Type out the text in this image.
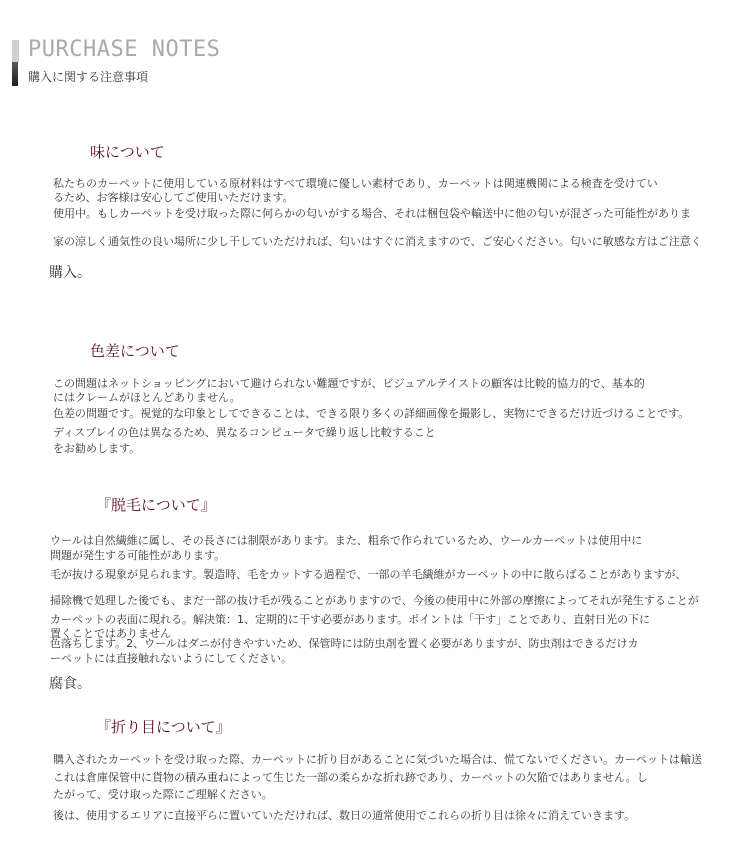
PURCHASE NOTES
購入に関する注意事項
味について
私たちのカーペットに使用している原材料はすべて環境に優しい素材であり、カーペットは関連機関による検査を受けてい
るため、お客様は安心してご使用いただけます。
使用中。もしカーペットを受け取った際に何らかの匂いがする場合、それは梱包袋や輸送中に他の匂いが混ざった可能性がありま
家の涼しく通気性の良い場所に少し干していただければ、匂いはすぐに消えますので、ご安心ください。匂いに敏感な方はご注意く
購入。
色差について
この問題はネットショッピングにおいて避けられない難題ですが、ビジュアルテイストの顧客は比較的協力的で、基本的
にはクレームがほとんどありません。
色差の問題です。視覚的な印象としてできることは、できる限り多くの詳細画像を撮影し、実物にできるだけ近づけることです。
ディスプレイの色は異なるため、異なるコンピュータで繰り返し比較すること
をお勧めします。
『脱毛について』
ウールは自然繊維に属し、その長さには制限があります。また、粗糸で作られているため、ウールカーペットは使用中に
問題が発生する可能性があります。
毛が抜ける現象が見られます。製造時、毛をカットする過程で、一部の羊毛繊維がカーペットの中に散らばることがありますが、
掃除機で処理した後でも、まだ一部の抜け毛が残ることがありますので、今後の使用中に外部の摩擦によってそれが発生することが
カーペットの表面に現れる。解決策：1、定期的に干す必要があります。ポイントは「干す」ことであり、直射日光の下に
置くことではありません
色落ちします。2、ウールはダニが付きやすいため、保管時には防虫剤を置く必要がありますが、防虫剤はできるだけカ
ーペットには直接触れないようにしてください。
腐食。
『折り目について』
購入されたカーペットを受け取った際、カーペットに折り目があることに気づいた場合は、慌てないでください。カーペットは輸送
これは倉庫保管中に貨物の積み重ねによって生じた一部の柔らかな折れ跡であり、カーペットの欠陥ではありません。し
たがって、受け取った際にご理解ください。
後は、使用するエリアに直接平らに置いていただければ、数日の通常使用でこれらの折り目は徐々に消えていきます。
